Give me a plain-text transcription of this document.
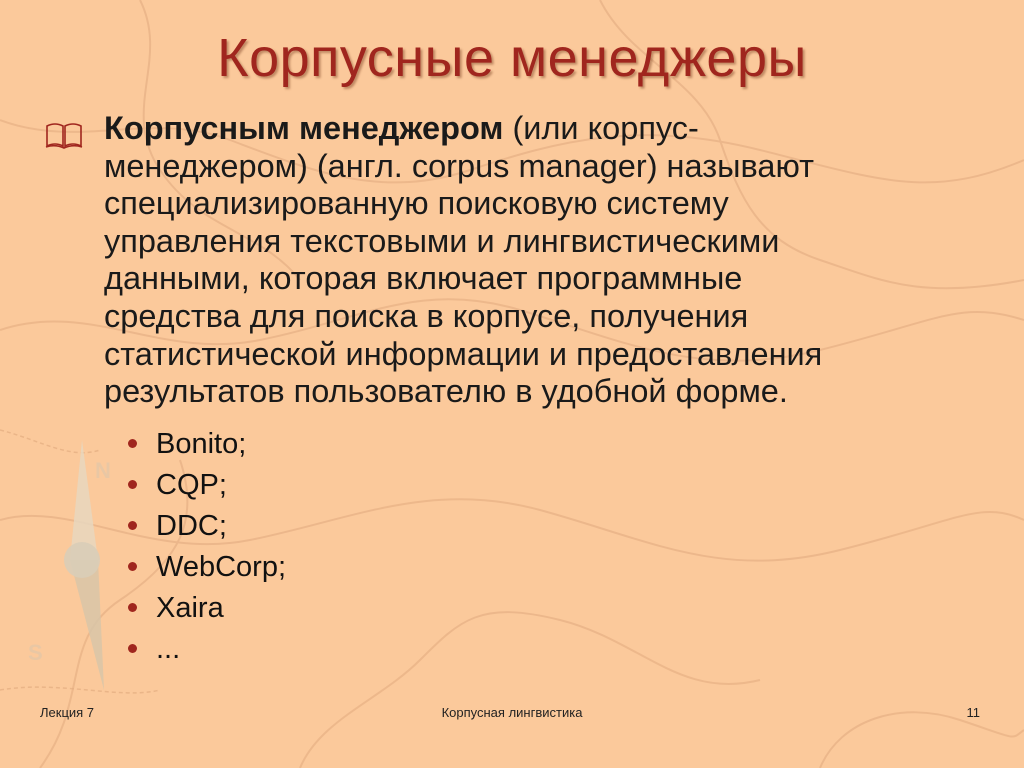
N
S
Корпусные менеджеры

Корпусным менеджером (или корпус-
менеджером) (англ. corpus manager) называют
специализированную поисковую систему
управления текстовыми и лингвистическими
данными, которая включает программные
средства для поиска в корпусе, получения
статистической информации и предоставления
результатов пользователю в удобной форме.

Bonito;
CQP;
DDC;
WebCorp;
Xaira
...
Лекция 7	Корпусная лингвистика	11
